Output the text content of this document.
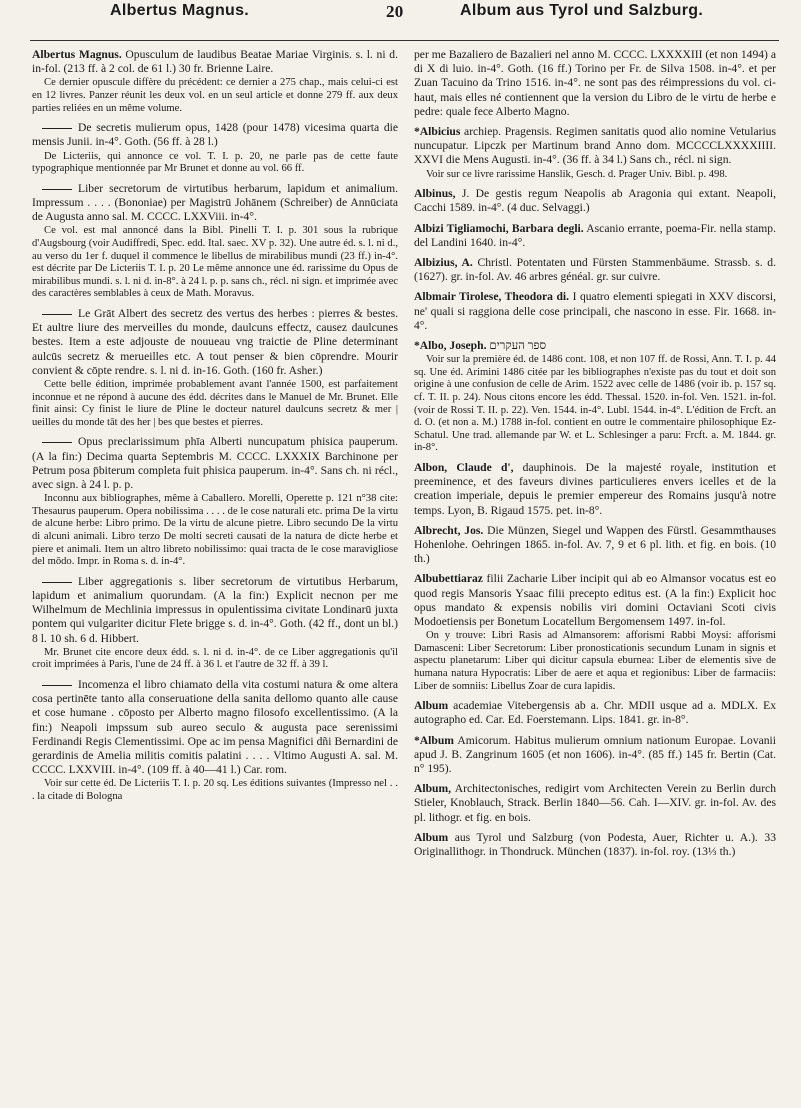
Albertus Magnus.	20	Album aus Tyrol und Salzburg.

Albertus Magnus. Opusculum de laudibus Beatae Mariae Virginis. s. l. ni d. in-fol. (213 ff. à 2 col. de 61 l.) 30 fr. Brienne Laire.

Ce dernier opuscule diffère du précédent: ce dernier a 275 chap., mais celui-ci est en 12 livres. Panzer réunit les deux vol. en un seul article et donne 279 ff. aux deux parties reliées en un même volume.

De secretis mulierum opus, 1428 (pour 1478) vicesima quarta die mensis Junii. in-4°. Goth. (56 ff. à 28 l.)

De Licteriis, qui annonce ce vol. T. I. p. 20, ne parle pas de cette faute typographique mentionnée par Mr Brunet et donne au vol. 66 ff.

Liber secretorum de virtutibus herbarum, lapidum et animalium. Impressum . . . . (Bononiae) per Magistrū Johānem (Schreiber) de Annūciata de Augusta anno sal. M. CCCC. LXXViii. in-4°.

Ce vol. est mal annoncé dans la Bibl. Pinelli T. I. p. 301 sous la rubrique d'Augsbourg (voir Audiffredi, Spec. edd. Ital. saec. XV p. 32). Une autre éd. s. l. ni d., au verso du 1er f. duquel il commence le libellus de mirabilibus mundi (23 ff.) in-4°. est décrite par De Licteriis T. I. p. 20 Le même annonce une éd. rarissime du Opus de mirabilibus mundi. s. l. ni d. in-8°. à 24 l. p. p. sans ch., récl. ni sign. et imprimée avec des caractères semblables à ceux de Math. Moravus.

Le Grāt Albert des secretz des vertus des herbes : pierres & bestes. Et aultre liure des merveilles du monde, daulcuns effectz, causez daulcunes bestes. Item a este adjouste de nouueau vng traictie de Pline determinant aulcūs secretz & merueilles etc. A tout penser & bien cōprendre. Mourir convient & cōpte rendre. s. l. ni d. in-16. Goth. (160 fr. Asher.)

Cette belle édition, imprimée probablement avant l'année 1500, est parfaitement inconnue et ne répond à aucune des édd. décrites dans le Manuel de Mr. Brunet. Elle finit ainsi: Cy finist le liure de Pline le docteur naturel daulcuns secretz & mer | ueilles du monde tāt des her | bes que bestes et pierres.

Opus preclarissimum phīa Alberti nuncupatum phisica pauperum. (A la fin:) Decima quarta Septembris M. CCCC. LXXXIX Barchinone per Petrum posa p̄biterum completa fuit phisica pauperum. in-4°. Sans ch. ni récl., avec sign. à 24 l. p. p.

Inconnu aux bibliographes, même à Caballero. Morelli, Operette p. 121 n°38 cite: Thesaurus pauperum. Opera nobilissima . . . . de le cose naturali etc. prima De la virtu de alcune herbe: Libro primo. De la virtu de alcune pietre. Libro secundo De la virtu di alcuni animali. Libro terzo De molti secreti causati de la natura de dicte herbe et piere et animali. Item un altro libreto nobilissimo: quai tracta de le cose maravigliose del mōdo. Impr. in Roma s. d. in-4°.

Liber aggregationis s. liber secretorum de virtutibus Herbarum, lapidum et animalium quorundam. (A la fin:) Explicit necnon per me Wilhelmum de Mechlinia impressus in opulentissima civitate Londinarū juxta pontem qui vulgariter dicitur Flete brigge s. d. in-4°. Goth. (42 ff., dont un bl.) 8 l. 10 sh. 6 d. Hibbert.

Mr. Brunet cite encore deux édd. s. l. ni d. in-4°. de ce Liber aggregationis qu'il croit imprimées à Paris, l'une de 24 ff. à 36 l. et l'autre de 32 ff. à 39 l.

Incomenza el libro chiamato della vita costumi natura & ome altera cosa pertinēte tanto alla conseruatione della sanita dellomo quanto alle cause et cose humane . cōposto per Alberto magno filosofo excellentissimo. (A la fin:) Neapoli impssum sub aureo seculo & augusta pace serenissimi Ferdinandi Regis Clementissimi. Ope ac im pensa Magnifici dñi Bernardini de gerardinis de Amelia militis comitis palatini . . . . Vltimo Augusti A. sal. M. CCCC. LXXVIII. in-4°. (109 ff. à 40—41 l.) Car. rom.

Voir sur cette éd. De Licteriis T. I. p. 20 sq. Les éditions suivantes (Impresso nel . . . la citade di Bologna

per me Bazaliero de Bazalieri nel anno M. CCCC. LXXXXIII (et non 1494) a di X di luio. in-4°. Goth. (16 ff.) Torino per Fr. de Silva 1508. in-4°. et per Zuan Tacuino da Trino 1516. in-4°. ne sont pas des réimpressions du vol. ci-haut, mais elles né contiennent que la version du Libro de le virtu de herbe e pedre: quale fece Alberto Magno.

*Albicius archiep. Pragensis. Regimen sanitatis quod alio nomine Vetularius nuncupatur. Lipczk per Martinum brand Anno dom. MCCCCLXXXXIIII. XXVI die Mens Augusti. in-4°. (36 ff. à 34 l.) Sans ch., récl. ni sign.

Voir sur ce livre rarissime Hanslik, Gesch. d. Prager Univ. Bibl. p. 498.

Albinus, J. De gestis regum Neapolis ab Aragonia qui extant. Neapoli, Cacchi 1589. in-4°. (4 duc. Selvaggi.)

Albizi Tigliamochi, Barbara degli. Ascanio errante, poema-Fir. nella stamp. del Landini 1640. in-4°.

Albizius, A. Christl. Potentaten und Fürsten Stammenbäume. Strassb. s. d. (1627). gr. in-fol. Av. 46 arbres généal. gr. sur cuivre.

Albmair Tirolese, Theodora di. I quatro elementi spiegati in XXV discorsi, ne' quali si raggiona delle cose principali, che nascono in esse. Fir. 1668. in-4°.

*Albo, Joseph. ספר העקרים

Voir sur la première éd. de 1486 cont. 108, et non 107 ff. de Rossi, Ann. T. I. p. 44 sq. Une éd. Arimini 1486 citée par les bibliographes n'existe pas du tout et doit son origine à une confusion de celle de Arim. 1522 avec celle de 1486 (voir ib. p. 157 sq. cf. T. II. p. 24). Nous citons encore les édd. Thessal. 1520. in-fol. Ven. 1521. in-fol. (voir de Rossi T. II. p. 22). Ven. 1544. in-4°. Lubl. 1544. in-4°. L'édition de Frcft. an d. O. (et non a. M.) 1788 in-fol. contient en outre le commentaire philosophique Ez-Schatul. Une trad. allemande par W. et L. Schlesinger a paru: Frcft. a. M. 1844. gr. in-8°.

Albon, Claude d', dauphinois. De la majesté royale, institution et preeminence, et des faveurs divines particulieres envers icelles et de la creation imperiale, depuis le premier empereur des Romains jusqu'à notre temps. Lyon, B. Rigaud 1575. pet. in-8°.

Albrecht, Jos. Die Münzen, Siegel und Wappen des Fürstl. Gesammthauses Hohenlohe. Oehringen 1865. in-fol. Av. 7, 9 et 6 pl. lith. et fig. en bois. (10 th.)

Albubettiaraz filii Zacharie Liber incipit qui ab eo Almansor vocatus est eo quod regis Mansoris Ysaac filii precepto editus est. (A la fin:) Explicit hoc opus mandato & expensis nobilis viri domini Octaviani Scoti civis Modoetiensis per Bonetum Locatellum Bergomensem 1497. in-fol.

On y trouve: Libri Rasis ad Almansorem: afforismi Rabbi Moysi: afforismi Damasceni: Liber Secretorum: Liber pronosticationis secundum Lunam in signis et aspectu planetarum: Liber qui dicitur capsula eburnea: Liber de elementis sive de humana natura Hypocratis: Liber de aere et aqua et regionibus: Liber de farmaciis: Liber de somniis: Libellus Zoar de cura lapidis.

Album academiae Vitebergensis ab a. Chr. MDII usque ad a. MDLX. Ex autographo ed. Car. Ed. Foerstemann. Lips. 1841. gr. in-8°.

*Album Amicorum. Habitus mulierum omnium nationum Europae. Lovanii apud J. B. Zangrinum 1605 (et non 1606). in-4°. (85 ff.) 145 fr. Bertin (Cat. n° 195).

Album, Architectonisches, redigirt vom Architecten Verein zu Berlin durch Stieler, Knoblauch, Strack. Berlin 1840—56. Cah. I—XIV. gr. in-fol. Av. des pl. lithogr. et fig. en bois.

Album aus Tyrol und Salzburg (von Podesta, Auer, Richter u. A.). 33 Originallithogr. in Thondruck. München (1837). in-fol. roy. (13⅓ th.)
